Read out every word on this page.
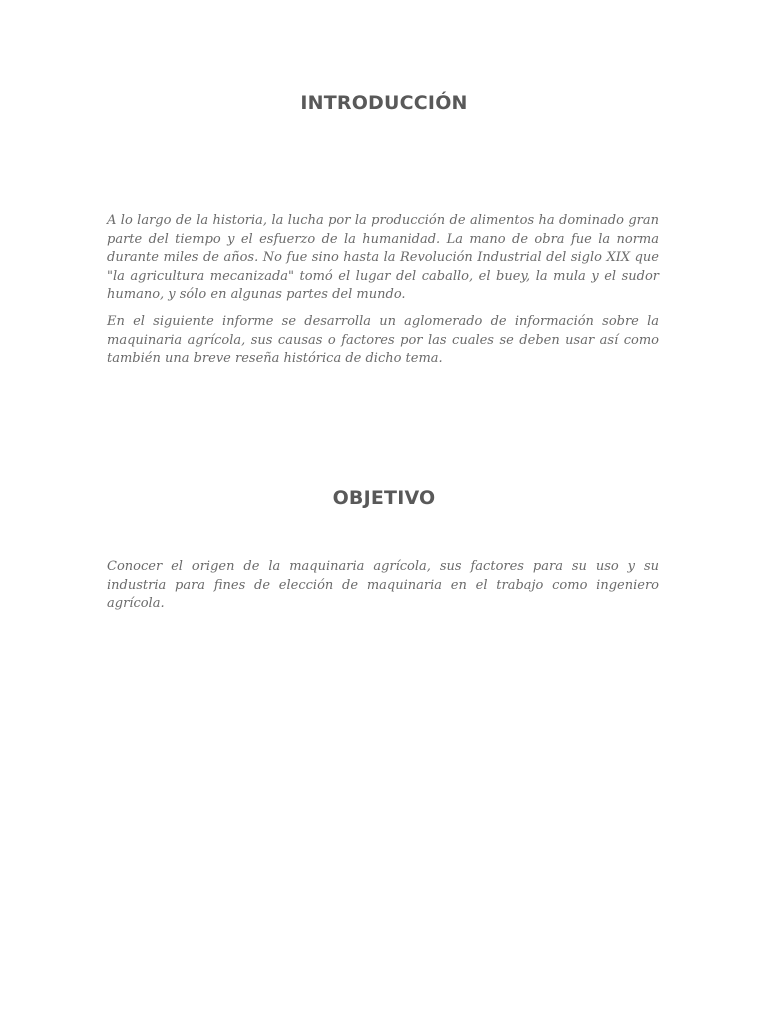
INTRODUCCIÓN

A lo largo de la historia, la lucha por la producción de alimentos ha dominado gran parte del tiempo y el esfuerzo de la humanidad. La mano de obra fue la norma durante miles de años. No fue sino hasta la Revolución Industrial del siglo XIX que "la agricultura mecanizada" tomó el lugar del caballo, el buey, la mula y el sudor humano, y sólo en algunas partes del mundo.

En el siguiente informe se desarrolla un aglomerado de información sobre la maquinaria agrícola, sus causas o factores por las cuales se deben usar así como también una breve reseña histórica de dicho tema.

OBJETIVO

Conocer el origen de la maquinaria agrícola, sus factores para su uso y su industria para fines de elección de maquinaria en el trabajo como ingeniero agrícola.
